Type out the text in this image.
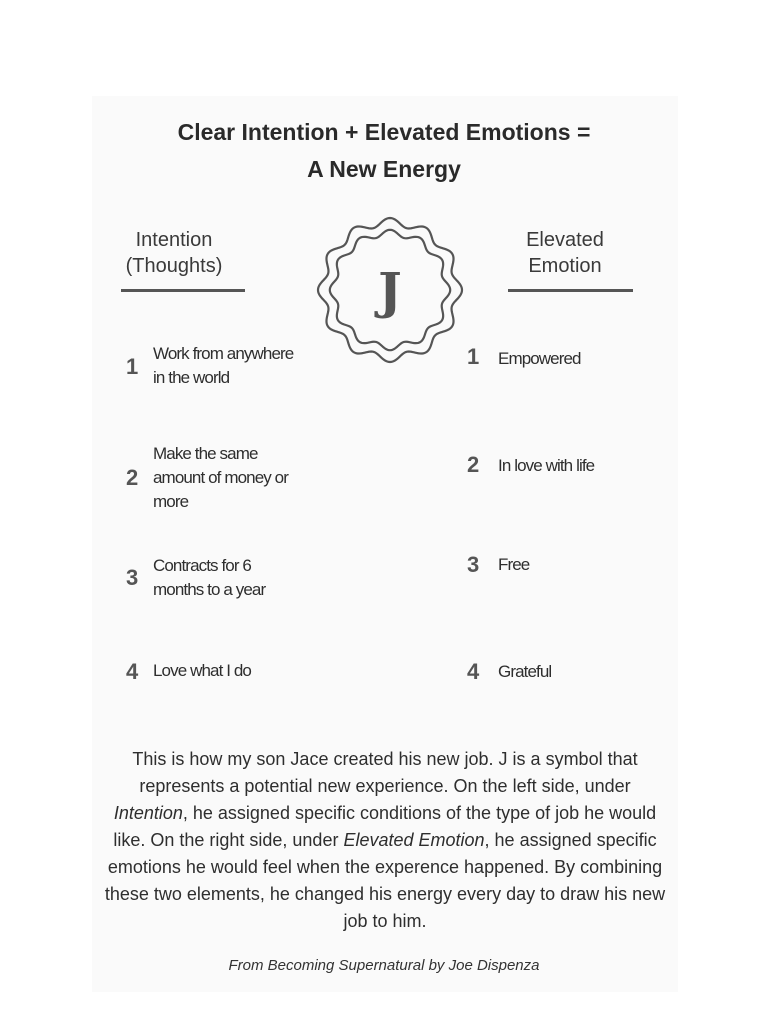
Clear Intention + Elevated Emotions =
A New Energy
Intention
(Thoughts)
Elevated
Emotion
J
1
Work from anywhere
in the world
2
Make the same
amount of money or
more
3 Contracts for 6
months to a year
4 Love what I do
1 Empowered
2 In love with life
3 Free
4 Grateful
This is how my son Jace created his new job. J is a symbol that represents a potential new experience. On the left side, under Intention, he assigned specific conditions of the type of job he would like. On the right side, under Elevated Emotion, he assigned specific emotions he would feel when the experence happened. By combining these two elements, he changed his energy every day to draw his new job to him.
From Becoming Supernatural by Joe Dispenza
